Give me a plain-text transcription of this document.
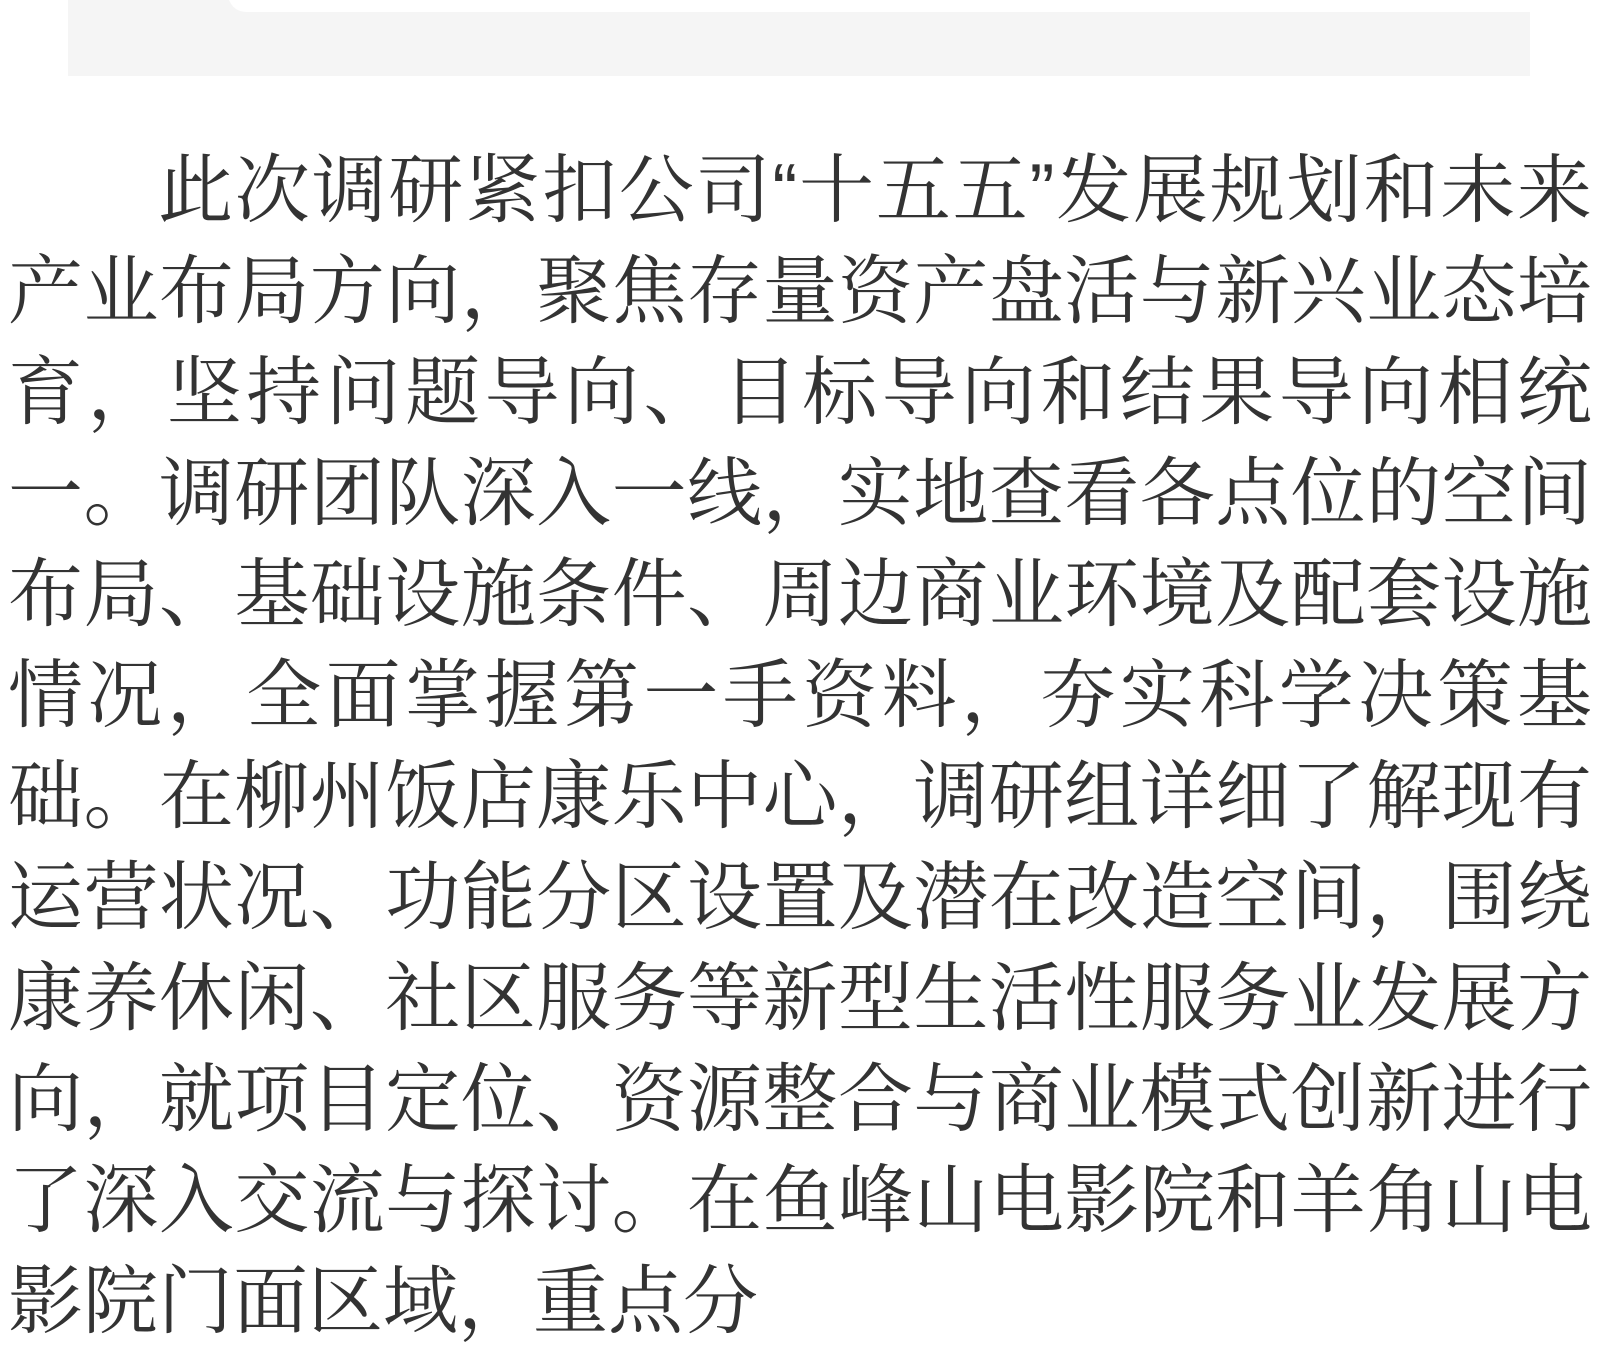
此次调研紧扣公司“十五五”发展规划和未来产业布局方向，聚焦存量资产盘活与新兴业态培育，坚持问题导向、目标导向和结果导向相统一。调研团队深入一线，实地查看各点位的空间布局、基础设施条件、周边商业环境及配套设施情况，全面掌握第一手资料，夯实科学决策基础。在柳州饭店康乐中心，调研组详细了解现有运营状况、功能分区设置及潜在改造空间，围绕康养休闲、社区服务等新型生活性服务业发展方向，就项目定位、资源整合与商业模式创新进行了深入交流与探讨。在鱼峰山电影院和羊角山电影院门面区域，重点分
